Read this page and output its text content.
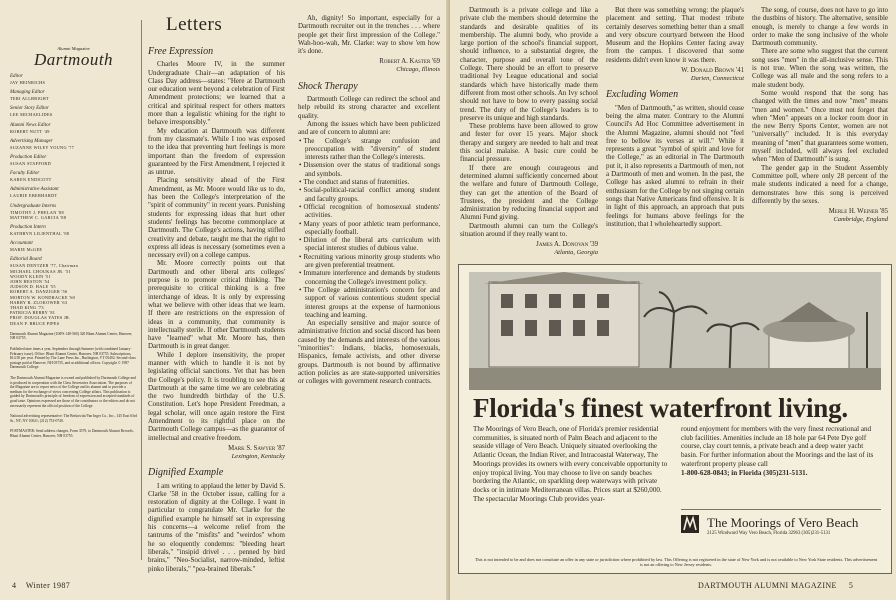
Alumni Magazine
Dartmouth
Editor
JAY HEINRICHS
Managing Editor
TERI ALLBRIGHT
Senior Story Editor
LEE MICHAELIDES
Alumni News Editor
ROBERT NUTT '49
Advertising Manager
SUZANNE WILEY YOUNG '77
Production Editor
SUSAN STAFFORD
Faculty Editor
KAREN ENDICOTT
Administrative Assistant
LAURIE EBERHARDT
Undergraduate Interns
TIMOTHY J. PHELAN '88
MATTHEW C. GARCIA '88
Production Intern
KATHRYN LILIENTHAL '88
Accountant
MARIE McGEE
Editorial Board
SUSAN DENTZER '77, Chairman
MICHAEL CHOUKAS JR. '51
WOODY KLEIN '51
JOHN HESTON '54
JUDSON D. HALE '55
ROBERT A. DANZIGER '56
MORTON W. KONDRACKE '60
HARRY R. ZLOKOWER '63
THAD KING '73
PATRICIA BERRY '81
PROF. DOUGLAS YATES JR.
DEAN P. BRUCE PIPES
Dartmouth Alumni Magazine (USPS 148-560) 320 Blunt Alumni Center, Hanover, NH 03755.
Published nine times a year, September through Summer (with combined January-February issue). Office: Blunt Alumni Center, Hanover, NH 03755. Subscriptions, $14.50 per year. Printed by The Lane Press Inc., Burlington, VT 05402. Second-class postage paid at Hanover, NH 03755, and at additional offices. Copyright © 1987 Dartmouth College.
The Dartmouth Alumni Magazine is owned and published by Dartmouth College and is produced in cooperation with the Class Secretaries Association. The purposes of the Magazine are to report news of the College and its alumni and to provide a medium for the exchange of views concerning College affairs. This publication is guided by Dartmouth's principle of freedom of expression and accepted standards of good taste. Opinions expressed are those of the contributors or the editors and do not necessarily represent the official position of the College.
National advertising representative: The Berkowitz/Van Inger Co., Inc., 145 East 63rd St., NY, NY 10021; (212) 753-0740.
POSTMASTER: Send address changes, Form 3579, to Dartmouth Alumni Records, Blunt Alumni Center, Hanover, NH 03755.
Letters
Free Expression

Charles Moore IV, in the summer Undergraduate Chair—an adaptation of his Class Day address—states: "Here at Dartmouth our education went beyond a celebration of First Amendment protections; we learned that a critical and spiritual respect for others matters more than a legalistic whining for the right to behave irresponsibly."

My education at Dartmouth was different from my classmate's. While I too was exposed to the idea that preventing hurt feelings is more important than the freedom of expression guaranteed by the First Amendment, I rejected it as untrue.

Placing sensitivity ahead of the First Amendment, as Mr. Moore would like us to do, has been the College's interpretation of the "spirit of community" in recent years. Punishing students for expressing ideas that hurt other students' feelings has become commonplace at Dartmouth. The College's actions, having stifled creativity and debate, taught me that the right to express all ideas is necessary (sometimes even a necessary evil) on a college campus.

Mr. Moore correctly points out that Dartmouth and other liberal arts colleges' purpose is to promote critical thinking. The prerequisite to critical thinking is a free interchange of ideas. It is only by expressing what we believe with other ideas that we learn. If there are restrictions on the expression of ideas in a community, that community is intellectually sterile. If other Dartmouth students have "learned" what Mr. Moore has, then Dartmouth is in great danger.

While I deplore insensitivity, the proper manner with which to handle it is not by legislating official sanctions. Yet that has been the College's policy. It is troubling to see this at Dartmouth at the same time we are celebrating the two hundredth birthday of the U.S. Constitution. Let's hope President Freedman, a legal scholar, will once again restore the First Amendment to its rightful place on the Dartmouth College campus—as the guarantor of intellectual and creative freedom.

Mark S. Sawyer '87
Lexington, Kentucky
Dignified Example

I am writing to applaud the letter by David S. Clarke '58 in the October issue, calling for a restoration of dignity at the College. I want in particular to congratulate Mr. Clarke for the dignified example he himself set in expressing his concerns—a welcome relief from the tantrums of the "misfits" and "weirdos" whom he so eloquently condemns: "bleeding heart liberals," "insipid drivel . . . penned by bird brains," "Neo-Socialist, narrow-minded, leftist pinko liberals," "pea-brained liberals."

Ah, dignity! So important, especially for a Dartmouth recruiter out in the trenches . . . where people get their first impression of the College." Wah-hoo-wah, Mr. Clarke: way to show 'em how it's done.

Robert A. Kaster '69
Chicago, Illinois
Shock Therapy

Dartmouth College can redirect the school and help rebuild its strong character and excellent quality.

Among the issues which have been publicized and are of concern to alumni are:

• The College's strange confusion and preoccupation with "diversity" of student interests rather than the College's interests.

• Dissension over the status of traditional songs and symbols.

• The conduct and status of fraternities.

• Social-political-racial conflict among student and faculty groups.

• Official recognition of homosexual students' activities.

• Many years of poor athletic team performance, especially football.

• Dilution of the liberal arts curriculum with special interest studies of dubious value.

• Recruiting various minority group students who are given preferential treatment.

• Immature interference and demands by students concerning the College's investment policy.

• The College administration's concern for and support of various contentious student special interest groups at the expense of harmonious teaching and learning.

An especially sensitive and major source of administrative friction and social discord has been caused by the demands and interests of the various "minorities": Indians, blacks, homosexuals, Hispanics, female activists, and other diverse groups. Dartmouth is not bound by affirmative action policies as are state-supported universities or colleges with government research contracts.

4 Winter 1987

Dartmouth is a private college and like a private club the members should determine the standards and desirable qualities of its membership. The alumni body, who provide a large portion of the school's financial support, should influence, to a substantial degree, the character, purpose and overall tone of the College. There should be an effort to preserve traditional Ivy League educational and social standards which have historically made them different from most other schools. An Ivy school should not have to bow to every passing social trend. The duty of the College's leaders is to preserve its unique and high standards.

These problems have been allowed to grow and fester for over 15 years. Major shock therapy and surgery are needed to halt and treat this social malaise. A basic cure could be financial pressure.

If there are enough courageous and determined alumni sufficiently concerned about the welfare and future of Dartmouth College, they can get the attention of the Board of Trustees, the president and the College administration by reducing financial support and Alumni Fund giving.

Dartmouth alumni can turn the College's situation around if they really want to.

James A. Donovan '39
Atlanta, Georgia

But there was something wrong: the plaque's placement and setting. That modest tribute certainly deserves something better than a small and very obscure courtyard between the Hood Museum and the Hopkins Center facing away from the campus. I discovered that some residents didn't even know it was there.

W. Donald Brown '41
Darien, Connecticut
Excluding Women

"Men of Dartmouth," as written, should cease being the alma mater. Contrary to the Alumni Council's Ad Hoc Committee advertisement in the Alumni Magazine, alumni should not "feel free to bellow its verses at will." While it represents a great "symbol of spirit and love for the College," as an editorial in The Dartmouth put it, it also represents a Dartmouth of men, not a Dartmouth of men and women. In the past, the College has asked alumni to refrain in their enthusiasm for the College by not singing certain songs that Native Americans find offensive. It is in light of this approach, an approach that puts feelings for humans above feelings for the institution, that I wholeheartedly support.

The song, of course, does not have to go into the dustbins of history. The alternative, sensible enough, is merely to change a few words in order to make the song inclusive of the whole Dartmouth community.

There are some who suggest that the current song uses "men" in the all-inclusive sense. This is not true. When the song was written, the College was all male and the song refers to a male student body.

Some would respond that the song has changed with the times and now "men" means "men and women." Once must not forget that when "Men" appears on a locker room door in the new Berry Sports Center, women are not "universally" included. It is this everyday meaning of "men" that guarantees some women, myself included, will always feel excluded when "Men of Dartmouth" is sung.

The gender gap in the Student Assembly Committee poll, where only 28 percent of the male students indicated a need for a change, demonstrates how this song is perceived differently by the sexes.

Merle H. Weiner '85
Cambridge, England
Florida's finest waterfront living.
The Moorings of Vero Beach, one of Florida's premier residential communities, is situated north of Palm Beach and adjacent to the seaside village of Vero Beach. Uniquely situated overlooking the Atlantic Ocean, the Indian River, and Intracoastal Waterway, The Moorings provides its owners with every conceivable opportunity to enjoy tropical living. You may choose to live on sandy beaches bordering the Atlantic, on sparkling deep waterways with private docks or in intimate Mediterranean villas. Prices start at $260,000. The spectacular Moorings Club provides year-
round enjoyment for members with the very finest recreational and club facilities. Amenities include an 18 hole par 64 Pete Dye golf course, clay court tennis, a private beach and a deep water yacht basin. For further information about the Moorings and the last of its waterfront property please call
1-800-628-0843; in Florida (305)231-5131.

The Moorings of Vero Beach
2125 Windward Way Vero Beach, Florida 32963 (305)231-5131
This is not intended to be and does not constitute an offer in any state or jurisdiction where prohibited by law. This Offering is not registered in the state of New York and is not available to New York State residents. This advertisement is not an offering to New Jersey residents.
DARTMOUTH ALUMNI MAGAZINE 5
